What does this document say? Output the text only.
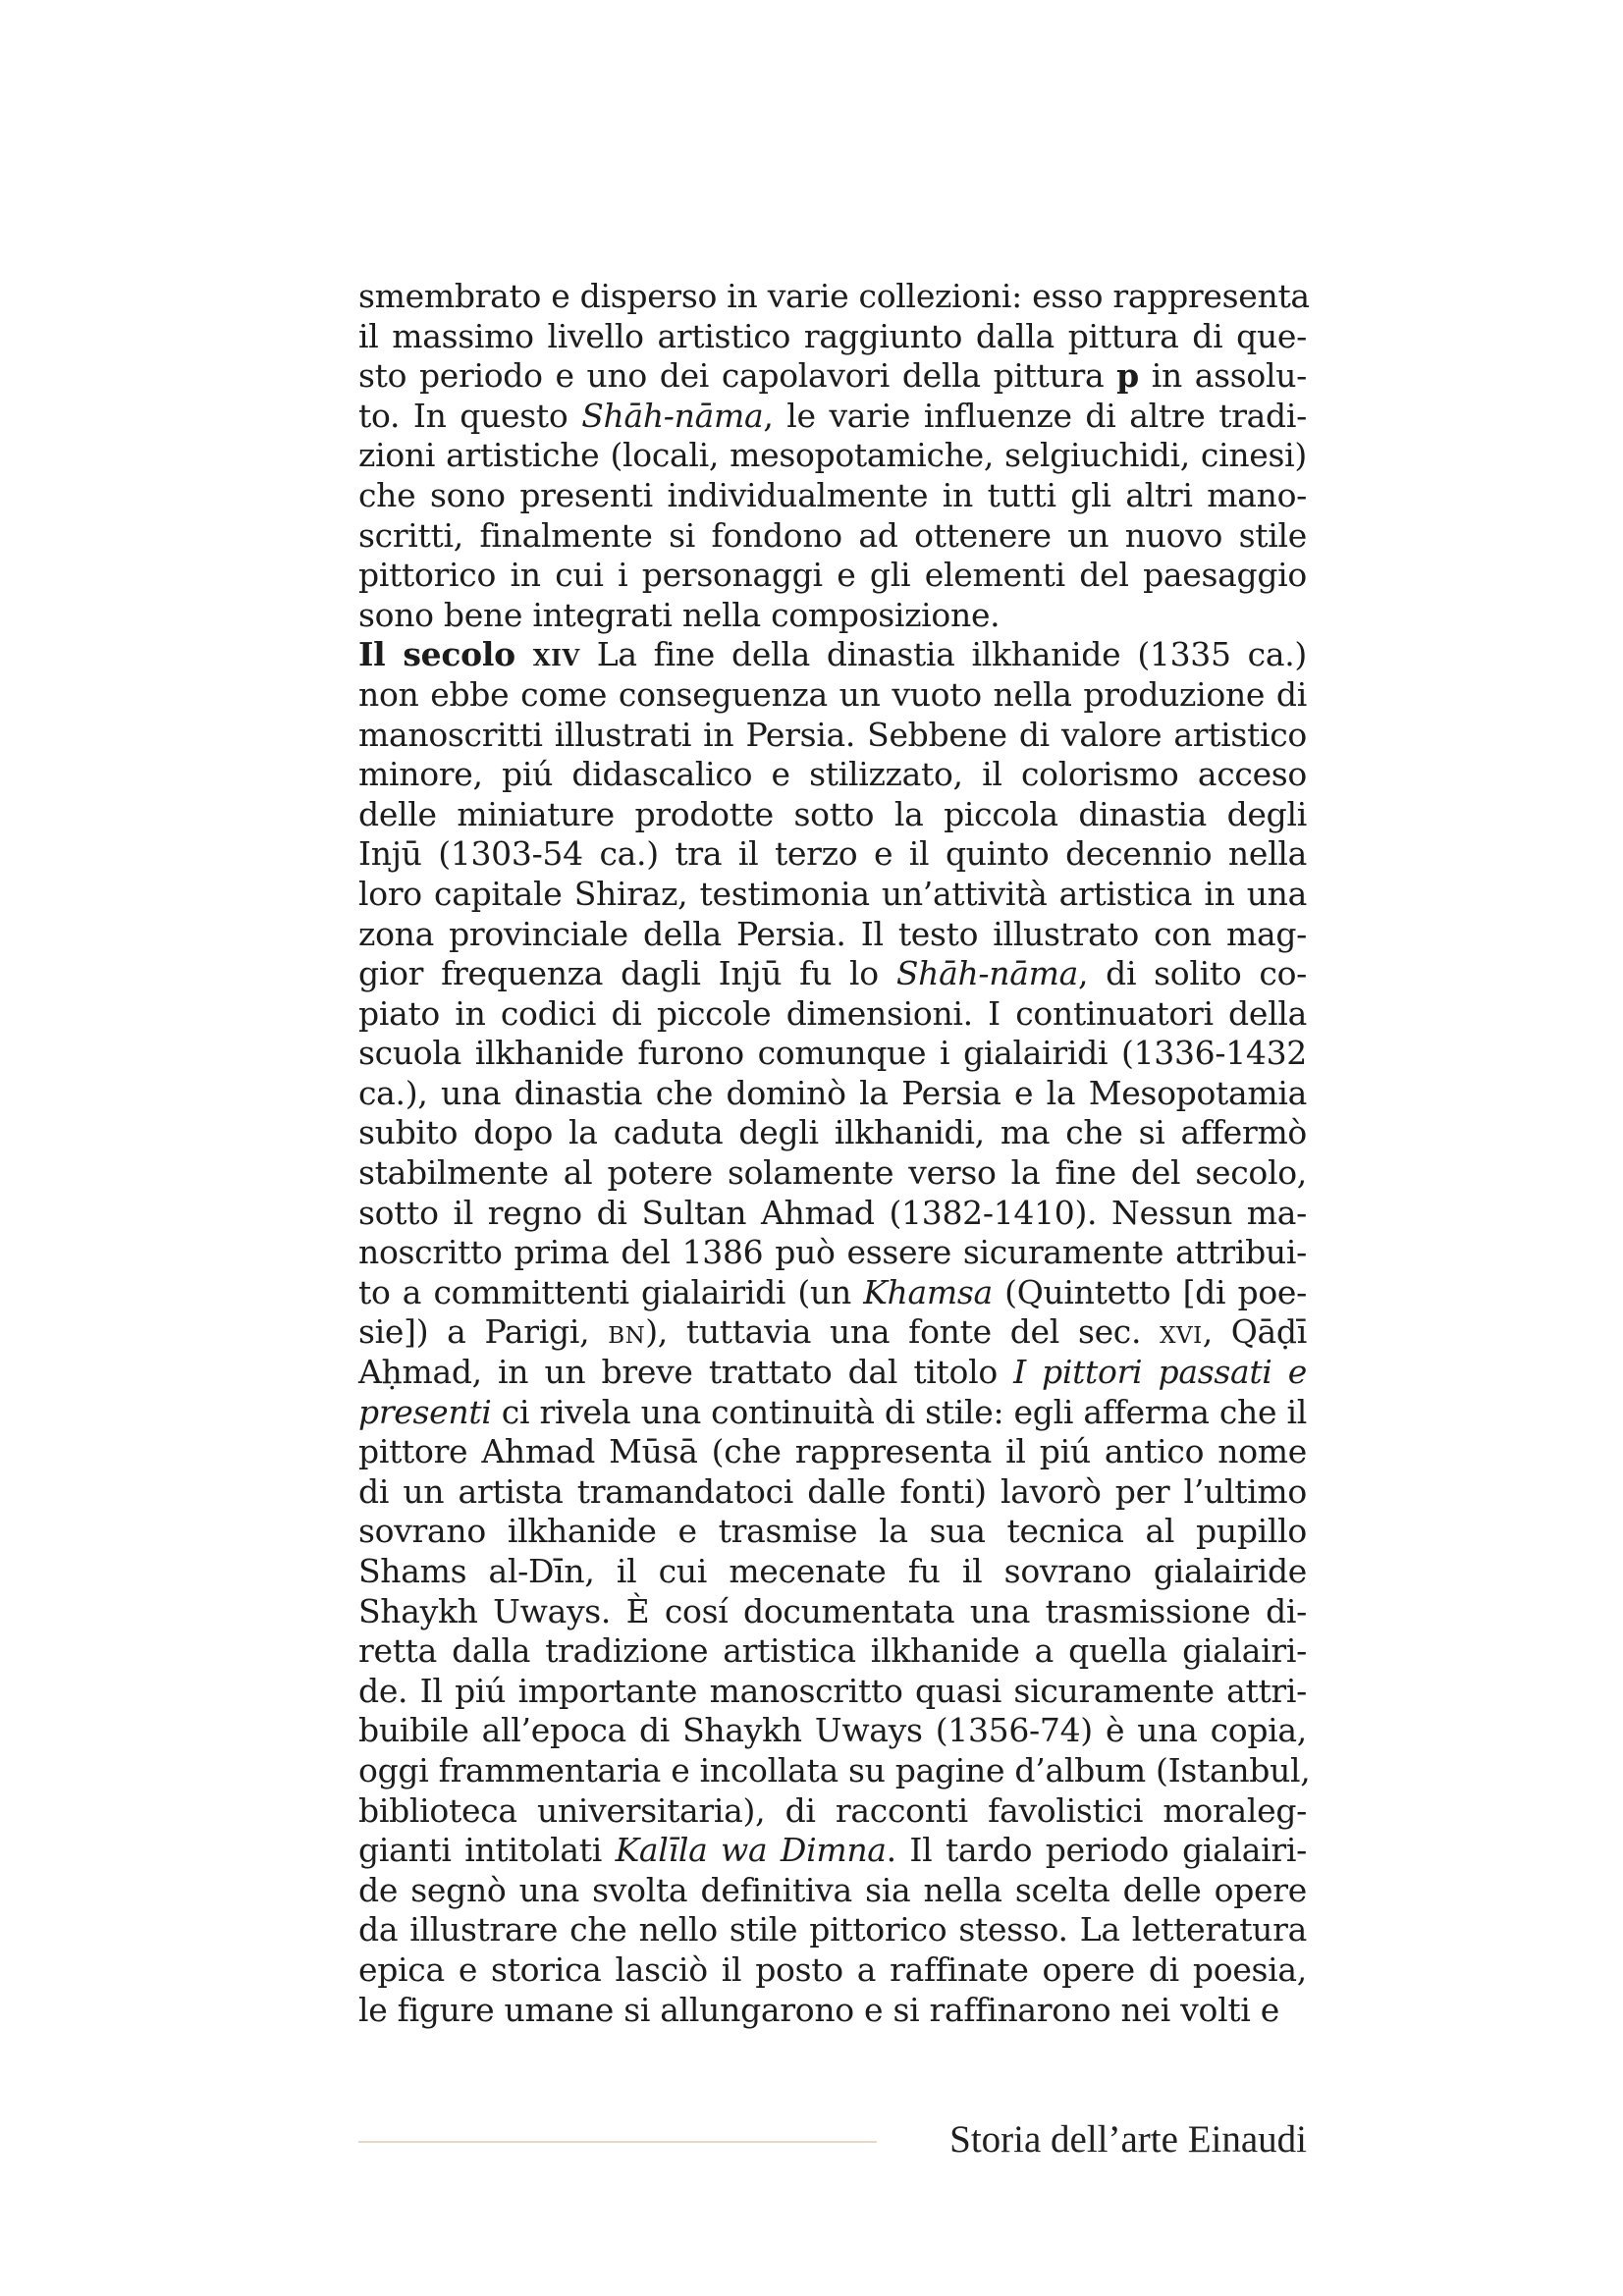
smembrato e disperso in varie collezioni: esso rappresenta
il massimo livello artistico raggiunto dalla pittura di que-
sto periodo e uno dei capolavori della pittura p in assolu-
to. In questo Shāh-nāma, le varie influenze di altre tradi-
zioni artistiche (locali, mesopotamiche, selgiuchidi, cinesi)
che sono presenti individualmente in tutti gli altri mano-
scritti, finalmente si fondono ad ottenere un nuovo stile
pittorico in cui i personaggi e gli elementi del paesaggio
sono bene integrati nella composizione.
Il secolo xiv La fine della dinastia ilkhanide (1335 ca.)
non ebbe come conseguenza un vuoto nella produzione di
manoscritti illustrati in Persia. Sebbene di valore artistico
minore, piú didascalico e stilizzato, il colorismo acceso
delle miniature prodotte sotto la piccola dinastia degli
Injū (1303-54 ca.) tra il terzo e il quinto decennio nella
loro capitale Shiraz, testimonia un’attività artistica in una
zona provinciale della Persia. Il testo illustrato con mag-
gior frequenza dagli Injū fu lo Shāh-nāma, di solito co-
piato in codici di piccole dimensioni. I continuatori della
scuola ilkhanide furono comunque i gialairidi (1336-1432
ca.), una dinastia che dominò la Persia e la Mesopotamia
subito dopo la caduta degli ilkhanidi, ma che si affermò
stabilmente al potere solamente verso la fine del secolo,
sotto il regno di Sultan Ahmad (1382-1410). Nessun ma-
noscritto prima del 1386 può essere sicuramente attribui-
to a committenti gialairidi (un Khamsa (Quintetto [di poe-
sie]) a Parigi, bn), tuttavia una fonte del sec. xvi, Qāḍī
Aḥmad, in un breve trattato dal titolo I pittori passati e
presenti ci rivela una continuità di stile: egli afferma che il
pittore Ahmad Mūsā (che rappresenta il piú antico nome
di un artista tramandatoci dalle fonti) lavorò per l’ultimo
sovrano ilkhanide e trasmise la sua tecnica al pupillo
Shams al-Dīn, il cui mecenate fu il sovrano gialairide
Shaykh Uways. È cosí documentata una trasmissione di-
retta dalla tradizione artistica ilkhanide a quella gialairi-
de. Il piú importante manoscritto quasi sicuramente attri-
buibile all’epoca di Shaykh Uways (1356-74) è una copia,
oggi frammentaria e incollata su pagine d’album (Istanbul,
biblioteca universitaria), di racconti favolistici moraleg-
gianti intitolati Kalīla wa Dimna. Il tardo periodo gialairi-
de segnò una svolta definitiva sia nella scelta delle opere
da illustrare che nello stile pittorico stesso. La letteratura
epica e storica lasciò il posto a raffinate opere di poesia,
le figure umane si allungarono e si raffinarono nei volti e
Storia dell’arte Einaudi
